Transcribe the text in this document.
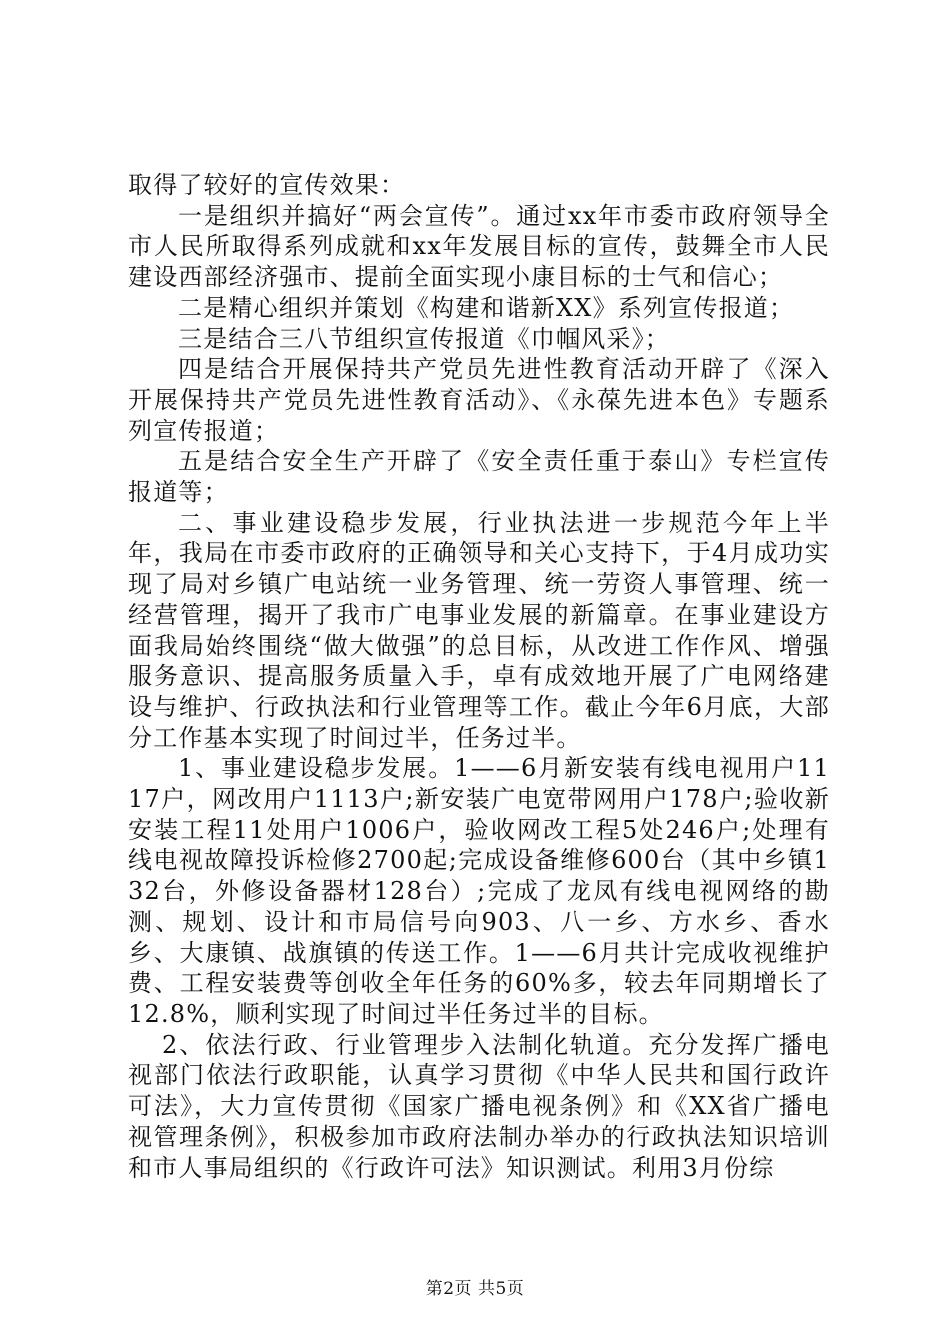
取得了较好的宣传效果：

一是组织并搞好“两会宣传”。通过xx年市委市政府领导全市人民所取得系列成就和xx年发展目标的宣传，鼓舞全市人民建设西部经济强市、提前全面实现小康目标的士气和信心；

二是精心组织并策划《构建和谐新XX》系列宣传报道；

三是结合三八节组织宣传报道《巾帼风采》；

四是结合开展保持共产党员先进性教育活动开辟了《深入开展保持共产党员先进性教育活动》、《永葆先进本色》专题系列宣传报道；

五是结合安全生产开辟了《安全责任重于泰山》专栏宣传报道等；

二、事业建设稳步发展，行业执法进一步规范今年上半年，我局在市委市政府的正确领导和关心支持下，于4月成功实现了局对乡镇广电站统一业务管理、统一劳资人事管理、统一经营管理，揭开了我市广电事业发展的新篇章。在事业建设方面我局始终围绕“做大做强”的总目标，从改进工作作风、增强服务意识、提高服务质量入手，卓有成效地开展了广电网络建设与维护、行政执法和行业管理等工作。截止今年6月底，大部分工作基本实现了时间过半，任务过半。

1、事业建设稳步发展。1——6月新安装有线电视用户1117户，网改用户1113户;新安装广电宽带网用户178户;验收新安装工程11处用户1006户，验收网改工程5处246户;处理有线电视故障投诉检修2700起;完成设备维修600台（其中乡镇132台，外修设备器材128台）;完成了龙凤有线电视网络的勘测、规划、设计和市局信号向903、八一乡、方水乡、香水乡、大康镇、战旗镇的传送工作。1——6月共计完成收视维护费、工程安装费等创收全年任务的60%多，较去年同期增长了12.8%，顺利实现了时间过半任务过半的目标。

2、依法行政、行业管理步入法制化轨道。充分发挥广播电视部门依法行政职能，认真学习贯彻《中华人民共和国行政许可法》，大力宣传贯彻《国家广播电视条例》和《XX省广播电视管理条例》，积极参加市政府法制办举办的行政执法知识培训和市人事局组织的《行政许可法》知识测试。利用3月份综

第2页 共5页
